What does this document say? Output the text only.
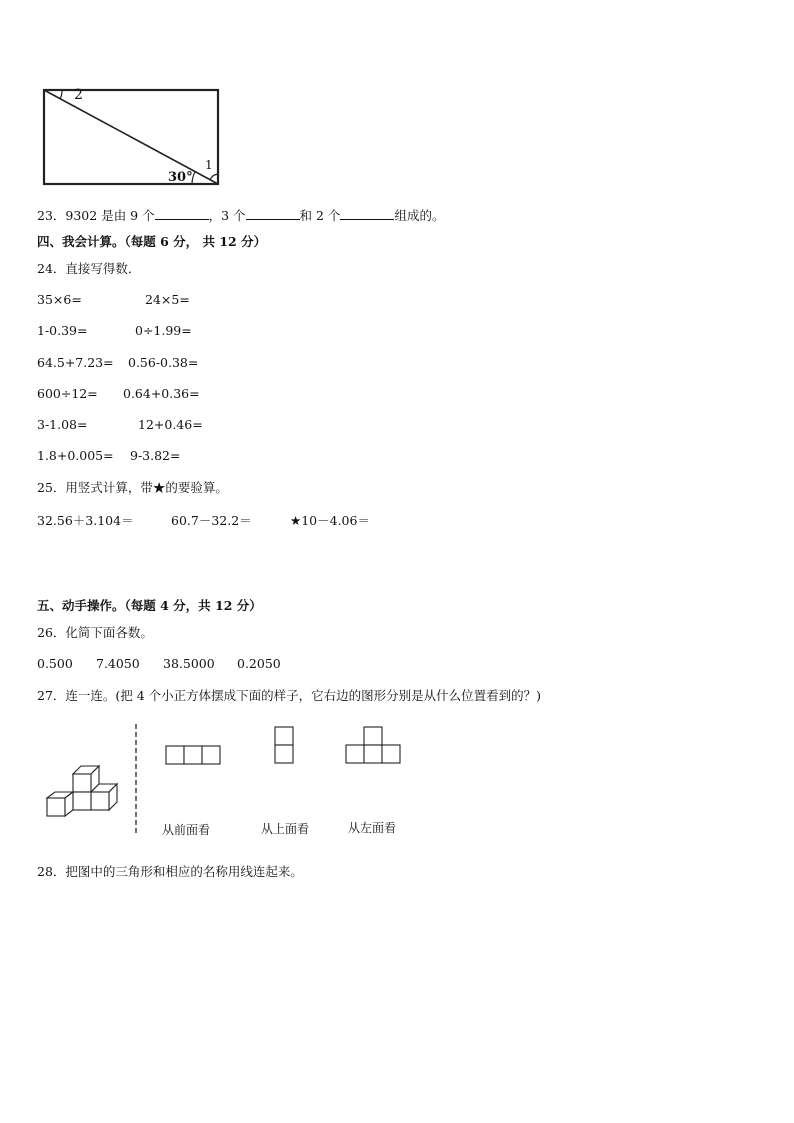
2
1
30°
23．9302 是由 9 个	，3 个	和 2 个	组成的。
四、我会计算。（每题 6 分， 共 12 分）
24．直接写得数．
35×6=	24×5=
1-0.39=	0÷1.99=
64.5+7.23= 0.56-0.38=
600÷12= 0.64+0.36=
3-1.08=	12+0.46=
1.8+0.005= 9-3.82=
25．用竖式计算，带★的要验算。
32.56＋3.104＝	60.7－32.2＝	★10－4.06＝
五、动手操作。（每题 4 分，共 12 分）
26．化简下面各数。
0.500 7.4050 38.5000 0.2050
27．连一连。(把 4 个小正方体摆成下面的样子，它右边的图形分别是从什么位置看到的？)
从前面看	从上面看	从左面看
28．把图中的三角形和相应的名称用线连起来。
